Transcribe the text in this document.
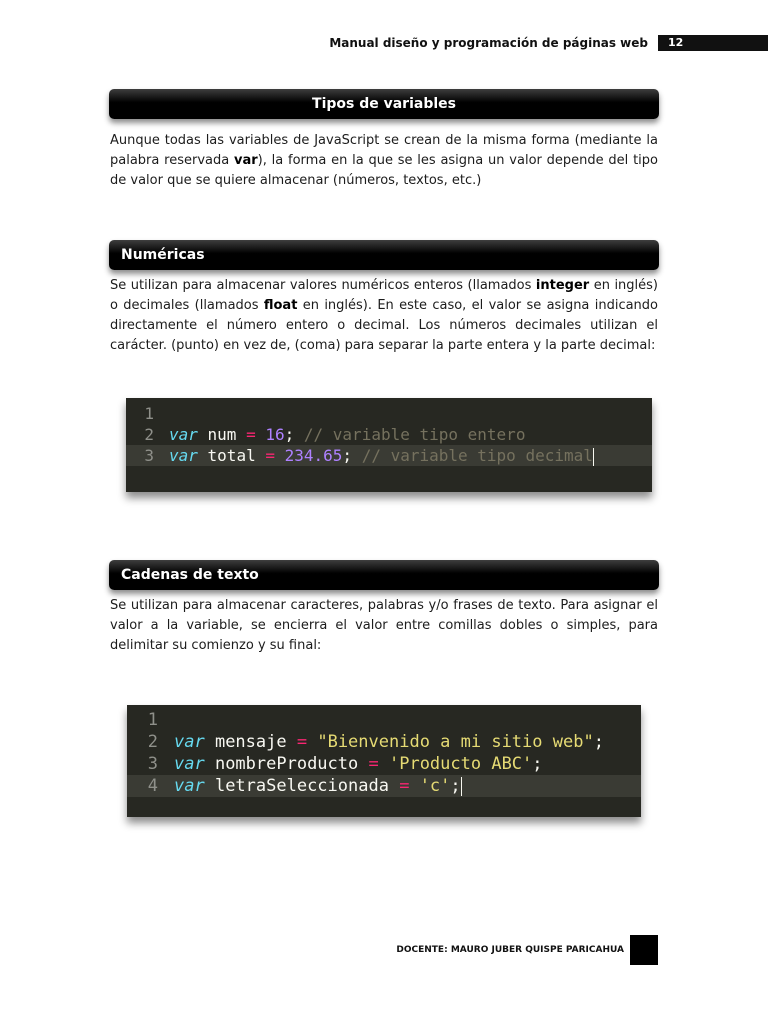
Manual diseño y programación de páginas web	12
Tipos de variables

Aunque todas las variables de JavaScript se crean de la misma forma (mediante la palabra reservada var), la forma en la que se les asigna un valor depende del tipo de valor que se quiere almacenar (números, textos, etc.)

Numéricas

Se utilizan para almacenar valores numéricos enteros (llamados integer en inglés) o decimales (llamados float en inglés). En este caso, el valor se asigna indicando directamente el número entero o decimal. Los números decimales utilizan el carácter. (punto) en vez de, (coma) para separar la parte entera y la parte decimal:

1
2 var num = 16; // variable tipo entero
3 var total = 234.65; // variable tipo decimal
Cadenas de texto

Se utilizan para almacenar caracteres, palabras y/o frases de texto. Para asignar el valor a la variable, se encierra el valor entre comillas dobles o simples, para delimitar su comienzo y su final:

1
2 var mensaje = "Bienvenido a mi sitio web";
3 var nombreProducto = 'Producto ABC';
4 var letraSeleccionada = 'c';
DOCENTE: MAURO JUBER QUISPE PARICAHUA
